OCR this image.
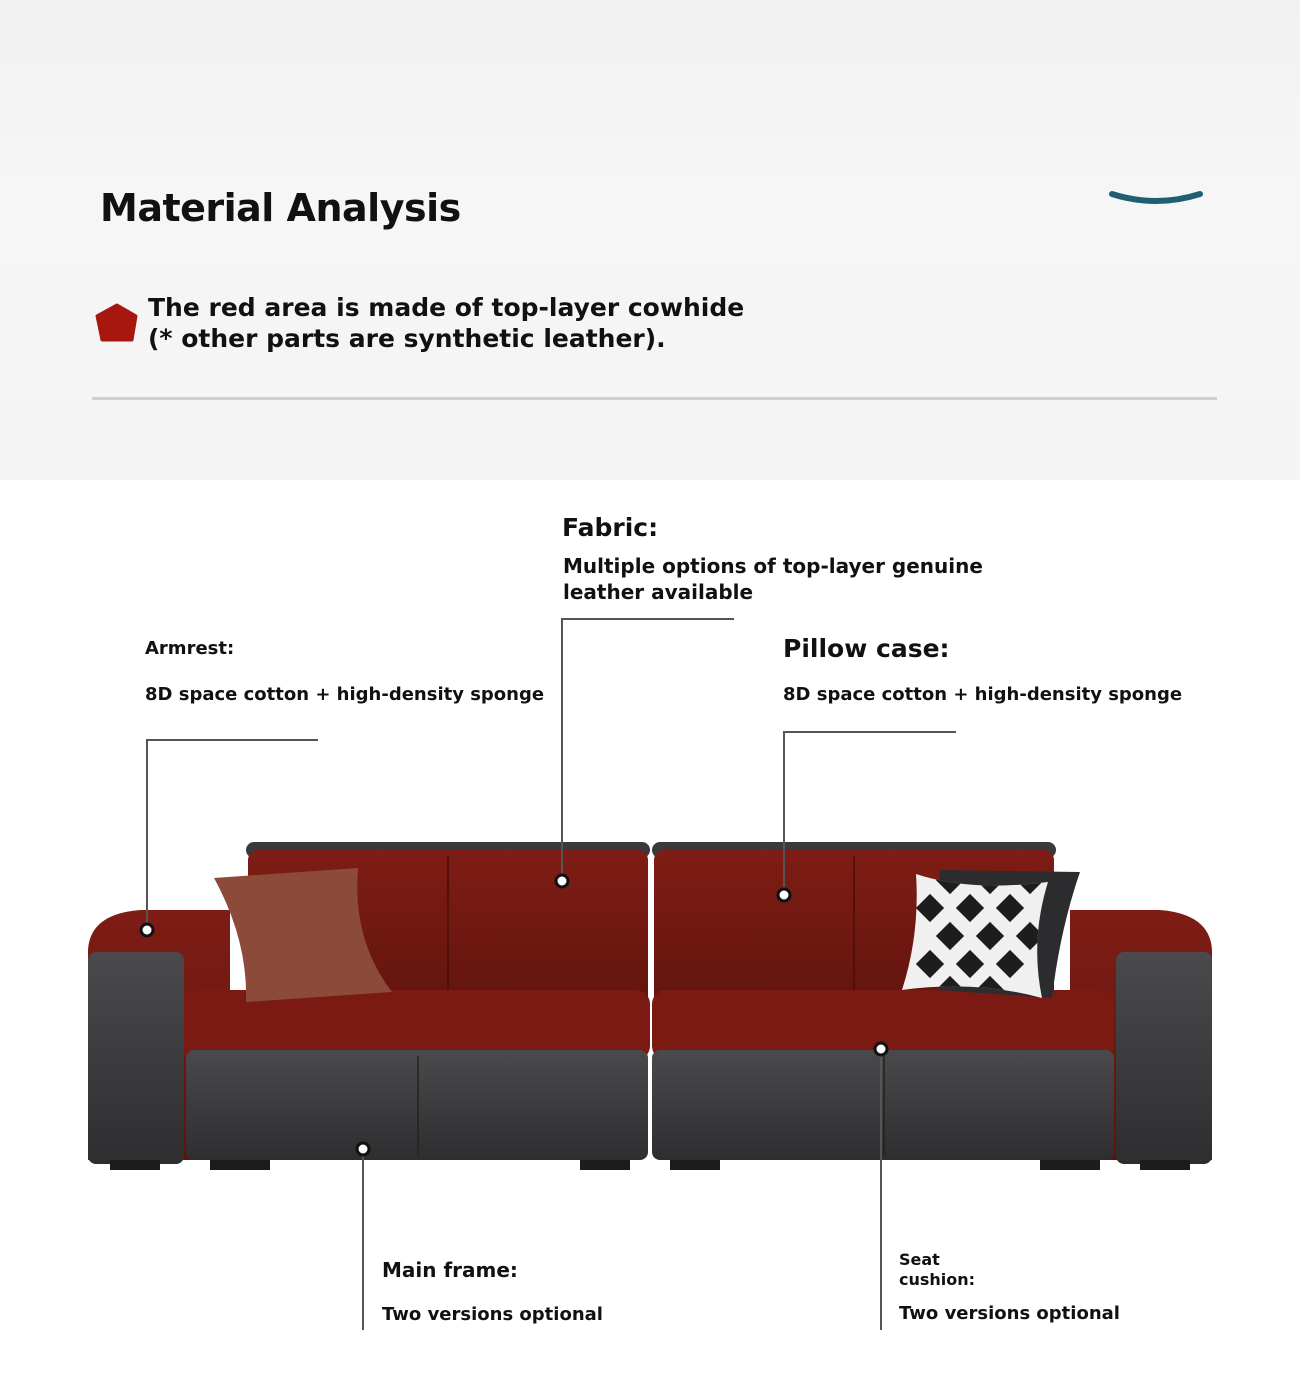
Material Analysis

The red area is made of top-layer cowhide (* other parts are synthetic leather).

Fabric:

Multiple options of top-layer genuine leather available

Armrest:

8D space cotton + high-density sponge

Pillow case:

8D space cotton + high-density sponge

Main frame:

Two versions optional

Seat cushion:

Two versions optional
